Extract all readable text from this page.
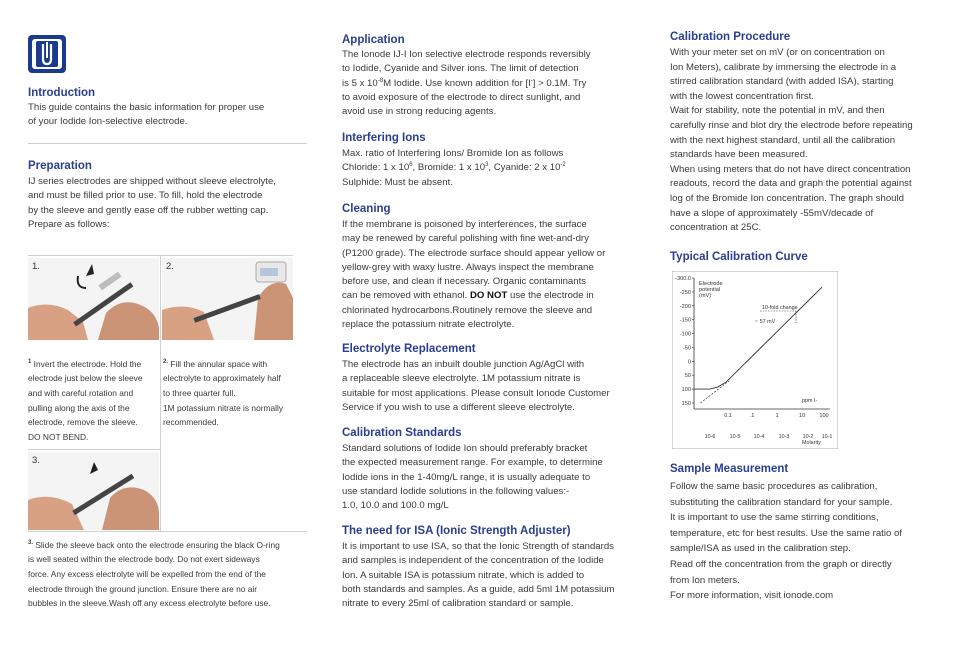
Introduction
This guide contains the basic information for proper use
of your Iodide Ion-selective electrode.
Preparation
IJ series electrodes are shipped without sleeve electrolyte,
and must be filled prior to use. To fill, hold the electrode
by the sleeve and gently ease off the rubber wetting cap.
Prepare as follows:
1.	2.
3.
$^1$ Invert the electrode. Hold the
electrode just below the sleeve
and with careful rotation and
pulling along the axis of the
electrode, remove the sleeve.
DO NOT BEND.
$^{2.}$ Fill the annular space with
electrolyte to approximately half
to three quarter full.
1M potassium nitrate is normally
recommended.
$^{3.}$ Slide the sleeve back onto the electrode ensuring the black O-ring
is well seated within the electrode body. Do not exert sideways
force. Any excess electrolyte will be expelled from the end of the
electrode through the ground junction. Ensure there are no air
bubbles in the sleeve.Wash off any excess electrolyte before use.
Application
The Ionode IJ-I Ion selective electrode responds reversibly
to Iodide, Cyanide and Silver ions. The limit of detection
is 5 x $10^{-8}M$ Iodide. Use known addition for [I-] > 0.1M. Try
to avoid exposure of the electrode to direct sunlight, and
avoid use in strong reducing agents.
Interfering Ions
Max. ratio of Interfering Ions/ Bromide Ion as follows
Chloride: 1 x $10^6$, Bromide: 1 x $10^3$, Cyanide: 2 x $10^{-2}$
Sulphide: Must be absent.
Cleaning
If the membrane is poisoned by interferences, the surface
may be renewed by careful polishing with fine wet-and-dry
(P1200 grade). The electrode surface should appear yellow or
yellow-grey with waxy lustre. Always inspect the membrane
before use, and clean if necessary. Organic contaminants
can be removed with ethanol. DO NOT use the electrode in
chlorinated hydrocarbons.Routinely remove the sleeve and
replace the potassium nitrate electrolyte.
Electrolyte Replacement
The electrode has an inbuilt double junction Ag/AgCl with
a replaceable sleeve electrolyte. 1M potassium nitrate is
suitable for most applications. Please consult Ionode Customer
Service if you wish to use a different sleeve electrolyte.
Calibration Standards
Standard solutions of Iodide Ion should preferably bracket
the expected measurement range. For example, to determine
Iodide ions in the 1-40mg/L range, it is usually adequate to
use standard Iodide solutions in the following values:-
1.0, 10.0 and 100.0 mg/L
The need for ISA (Ionic Strength Adjuster)
It is important to use ISA, so that the Ionic Strength of standards
and samples is independent of the concentration of the Iodide
Ion. A suitable ISA is potassium nitrate, which is added to
both standards and samples. As a guide, add 5ml 1M potassium
nitrate to every 25ml of calibration standard or sample.
Calibration Procedure
With your meter set on mV (or on concentration on
Ion Meters), calibrate by immersing the electrode in a
stirred calibration standard (with added ISA), starting
with the lowest concentration first.
Wait for stability, note the potential in mV, and then
carefully rinse and blot dry the electrode before repeating
with the next highest standard, until all the calibration
standards have been measured.
When using meters that do not have direct concentration
readouts, record the data and graph the potential against
log of the Bromide Ion concentration. The graph should
have a slope of approximately -55mV/decade of
concentration at 25C.
Typical Calibration Curve
-300.0
-250
-200
-150
-100
-50
0
50
100
150
Electrode
potential
(mV)
10-fold change
~ 57 mV
ppm I-
0.1	.1	1	10	100
10-6	10-5 10-4	10-3 10-2 10-1
Molarity
Sample Measurement
Follow the same basic procedures as calibration,
substituting the calibration standard for your sample.
It is important to use the same stirring conditions,
temperature, etc for best results. Use the same ratio of
sample/ISA as used in the calibration step.
Read off the concentration from the graph or directly
from Ion meters.
For more information, visit ionode.com
